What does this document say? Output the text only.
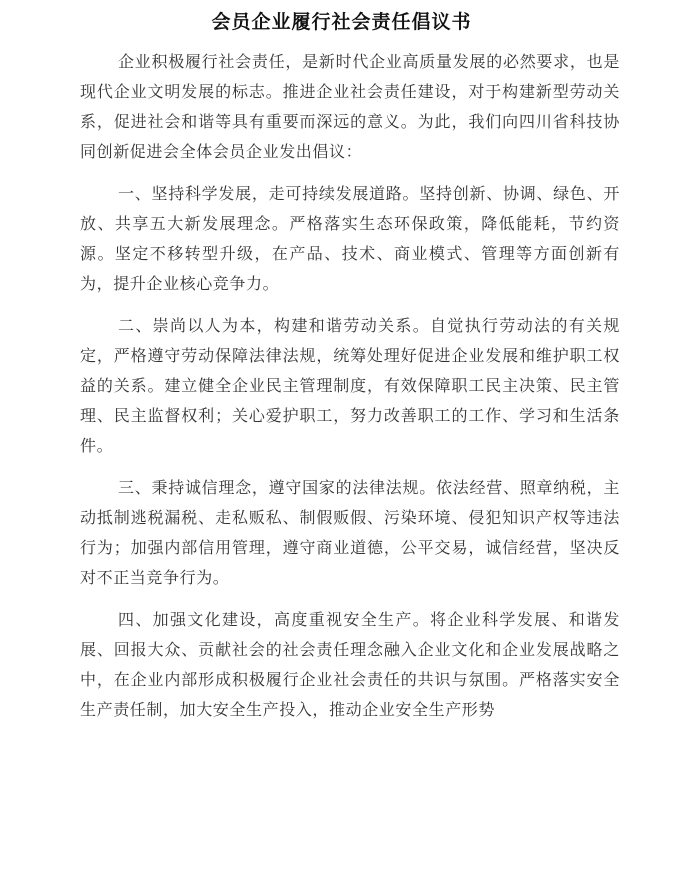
会员企业履行社会责任倡议书

企业积极履行社会责任，是新时代企业高质量发展的必然要求，也是现代企业文明发展的标志。推进企业社会责任建设，对于构建新型劳动关系，促进社会和谐等具有重要而深远的意义。为此，我们向四川省科技协同创新促进会全体会员企业发出倡议：

一、坚持科学发展，走可持续发展道路。坚持创新、协调、绿色、开放、共享五大新发展理念。严格落实生态环保政策，降低能耗，节约资源。坚定不移转型升级，在产品、技术、商业模式、管理等方面创新有为，提升企业核心竞争力。

二、崇尚以人为本，构建和谐劳动关系。自觉执行劳动法的有关规定，严格遵守劳动保障法律法规，统筹处理好促进企业发展和维护职工权益的关系。建立健全企业民主管理制度，有效保障职工民主决策、民主管理、民主监督权利；关心爱护职工，努力改善职工的工作、学习和生活条件。

三、秉持诚信理念，遵守国家的法律法规。依法经营、照章纳税，主动抵制逃税漏税、走私贩私、制假贩假、污染环境、侵犯知识产权等违法行为；加强内部信用管理，遵守商业道德，公平交易，诚信经营，坚决反对不正当竞争行为。

四、加强文化建设，高度重视安全生产。将企业科学发展、和谐发展、回报大众、贡献社会的社会责任理念融入企业文化和企业发展战略之中，在企业内部形成积极履行企业社会责任的共识与氛围。严格落实安全生产责任制，加大安全生产投入，推动企业安全生产形势
